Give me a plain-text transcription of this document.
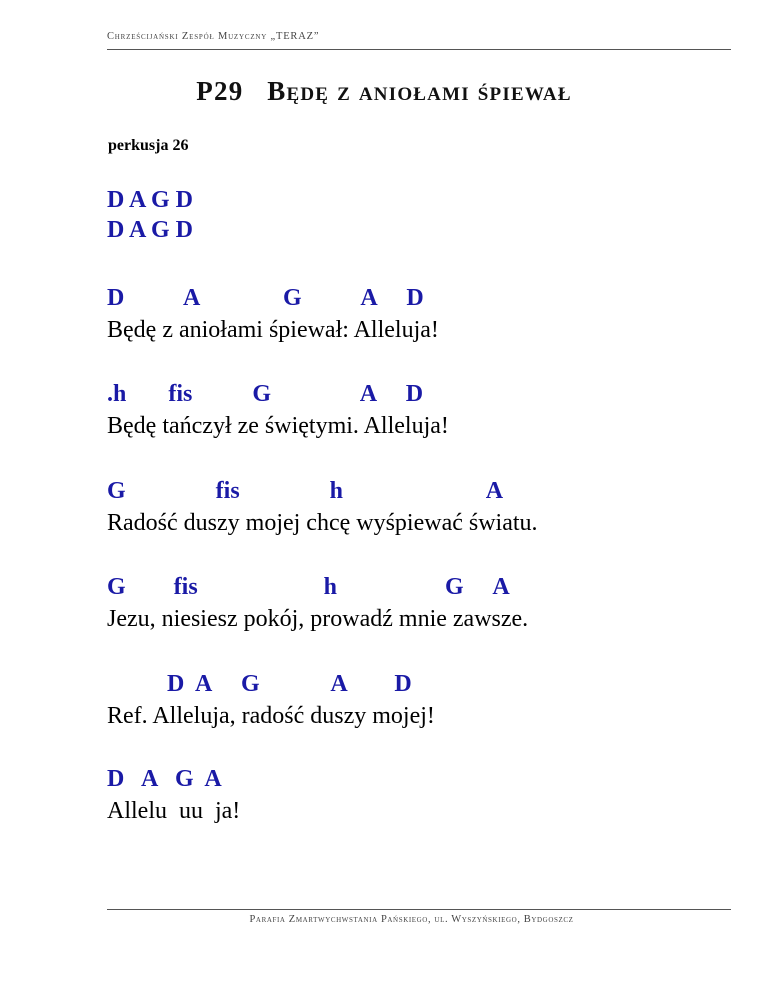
Chrześcijański Zespół Muzyczny „TERAZ”
P29   Będę z aniołami śpiewał
perkusja 26
D A G D
D A G D
D          A              G          A     D
Będę z aniołami śpiewał: Alleluja!
.h       fis          G               A     D
Będę tańczył ze świętymi. Alleluja!
G               fis               h                        A
Radość duszy mojej chcę wyśpiewać światu.
G        fis                     h                  G     A
Jezu, niesiesz pokój, prowadź mnie zawsze.
D  A     G            A        D
Ref. Alleluja, radość duszy mojej!
D   A   G  A
Allelu  uu  ja!
Parafia Zmartwychwstania Pańskiego, ul. Wyszyńskiego, Bydgoszcz
